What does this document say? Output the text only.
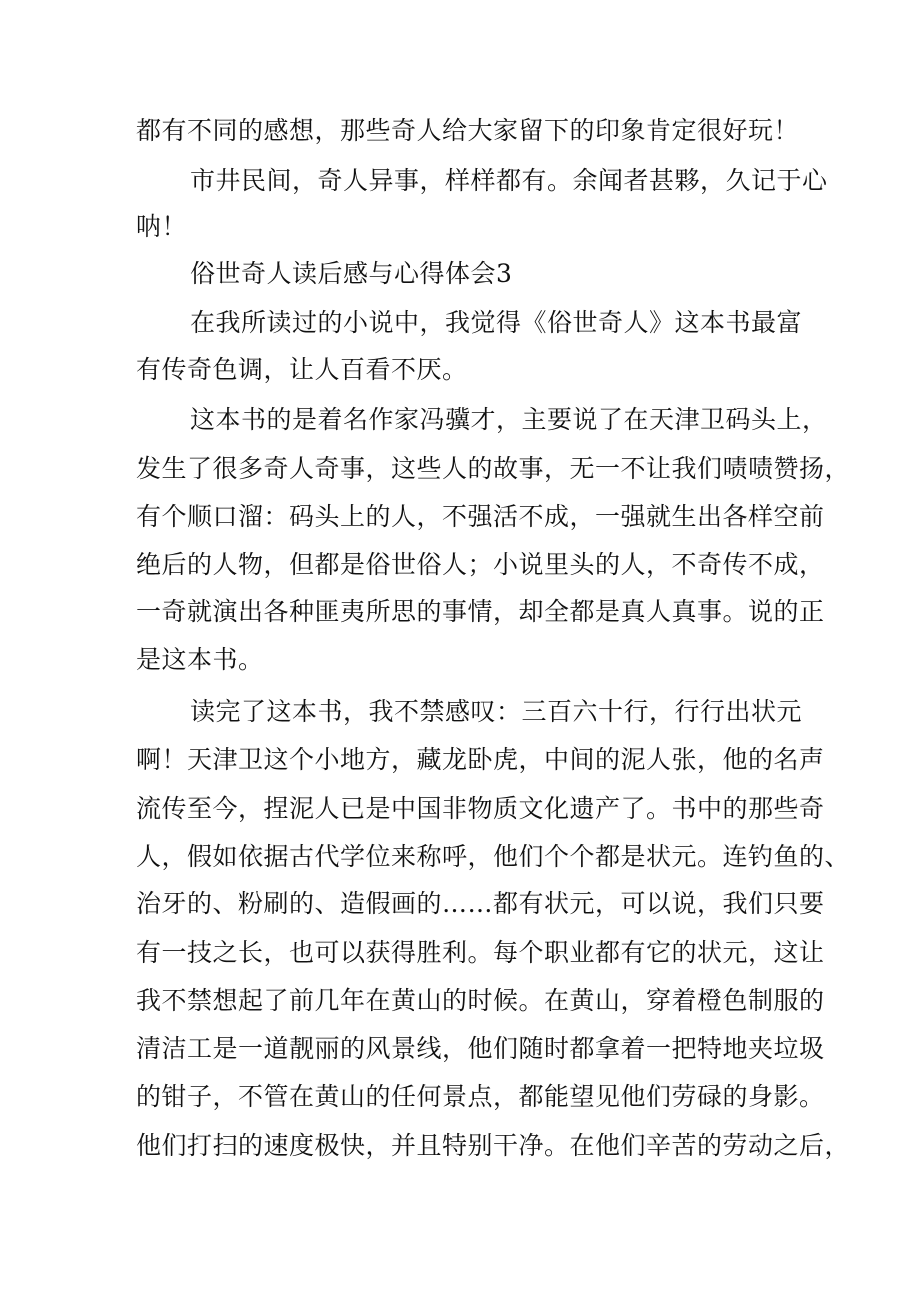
都有不同的感想，那些奇人给大家留下的印象肯定很好玩！
市井民间，奇人异事，样样都有。余闻者甚夥，久记于心
呐！
俗世奇人读后感与心得体会3
在我所读过的小说中，我觉得《俗世奇人》这本书最富
有传奇色调，让人百看不厌。
这本书的是着名作家冯骥才，主要说了在天津卫码头上，
发生了很多奇人奇事，这些人的故事，无一不让我们啧啧赞扬，
有个顺口溜：码头上的人，不强活不成，一强就生出各样空前
绝后的人物，但都是俗世俗人；小说里头的人，不奇传不成，
一奇就演出各种匪夷所思的事情，却全都是真人真事。说的正
是这本书。
读完了这本书，我不禁感叹：三百六十行，行行出状元
啊！天津卫这个小地方，藏龙卧虎，中间的泥人张，他的名声
流传至今，捏泥人已是中国非物质文化遗产了。书中的那些奇
人，假如依据古代学位来称呼，他们个个都是状元。连钓鱼的、
治牙的、粉刷的、造假画的……都有状元，可以说，我们只要
有一技之长，也可以获得胜利。每个职业都有它的状元，这让
我不禁想起了前几年在黄山的时候。在黄山，穿着橙色制服的
清洁工是一道靓丽的风景线，他们随时都拿着一把特地夹垃圾
的钳子，不管在黄山的任何景点，都能望见他们劳碌的身影。
他们打扫的速度极快，并且特别干净。在他们辛苦的劳动之后，
